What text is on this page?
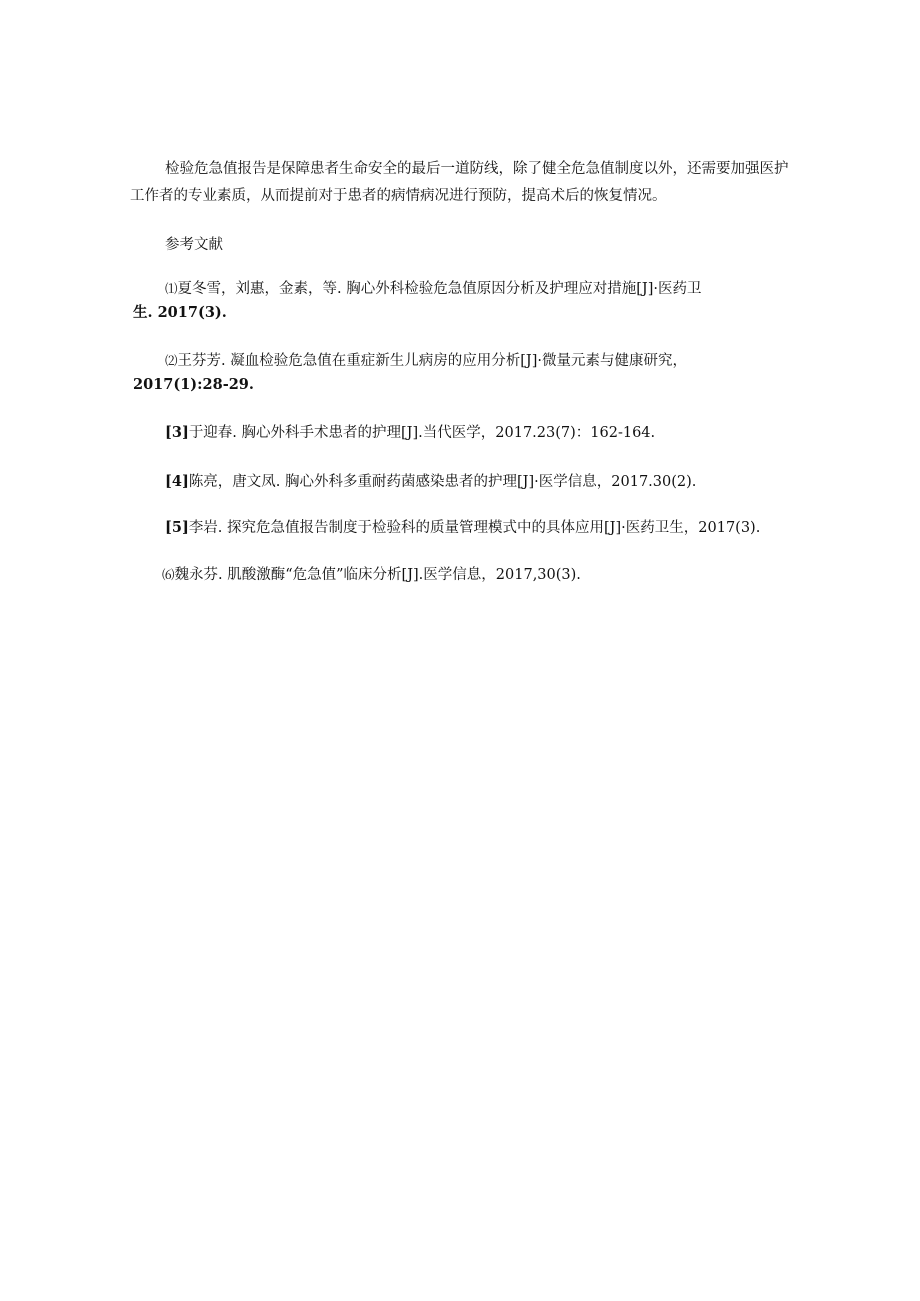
检验危急值报告是保障患者生命安全的最后一道防线，除了健全危急值制度以外，还需要加强医护工作者的专业素质，从而提前对于患者的病情病况进行预防，提高术后的恢复情况。

参考文献

⑴夏冬雪，刘惠，金素，等. 胸心外科检验危急值原因分析及护理应对措施[J]·医药卫
生. 2017(3).

⑵王芬芳. 凝血检验危急值在重症新生儿病房的应用分析[J]·微量元素与健康研究，
2017(1):28-29.

[3]于迎春. 胸心外科手术患者的护理[J].当代医学，2017.23(7)：162-164.

[4]陈亮，唐文凤. 胸心外科多重耐药菌感染患者的护理[J]·医学信息，2017.30(2).

[5]李岩. 探究危急值报告制度于检验科的质量管理模式中的具体应用[J]·医药卫生，2017(3).

⑹魏永芬. 肌酸激酶“危急值”临床分析[J].医学信息，2017,30(3).
